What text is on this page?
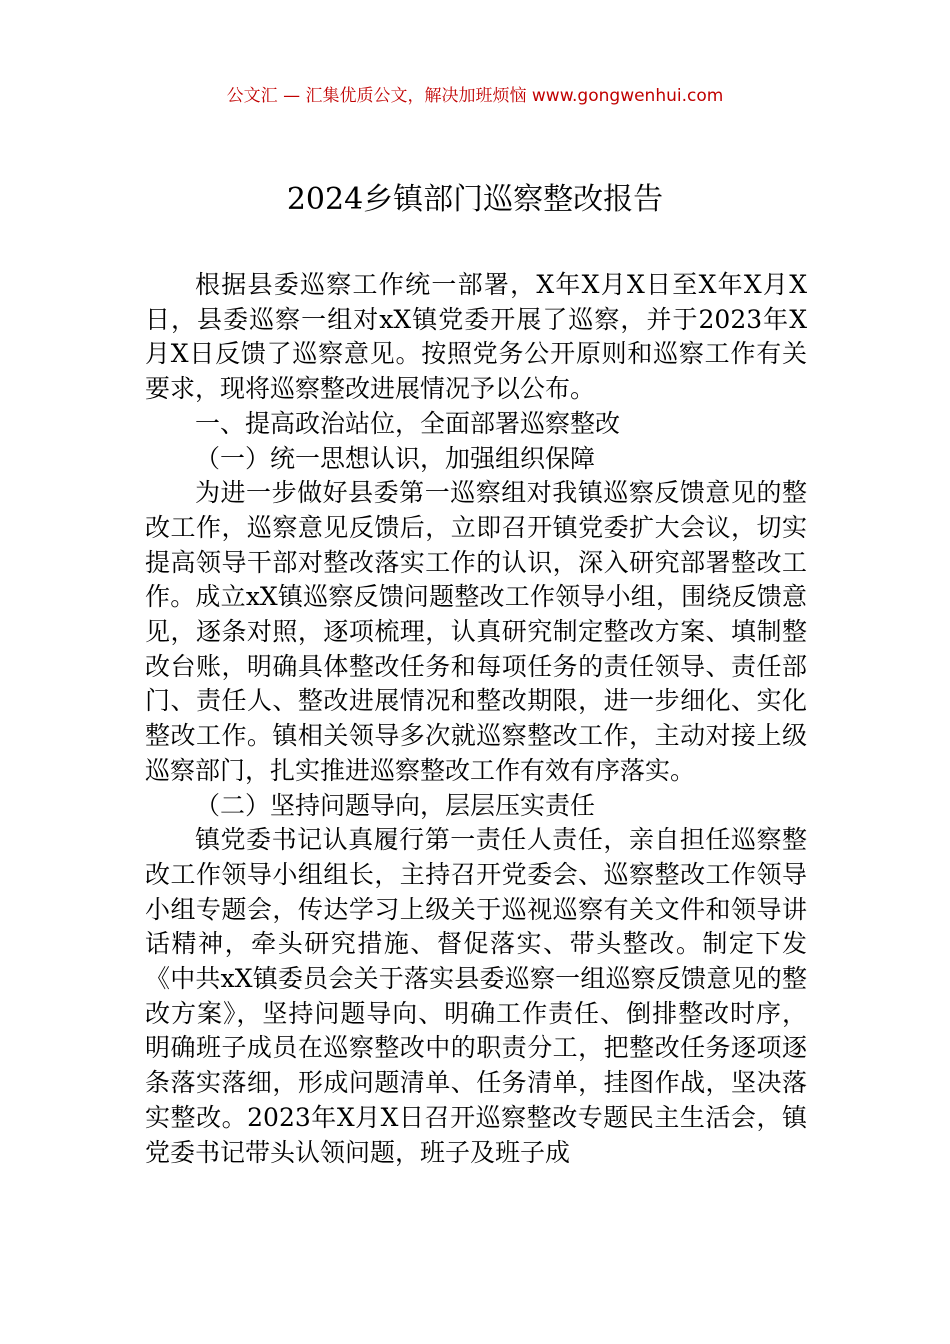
公文汇 — 汇集优质公文，解决加班烦恼 www.gongwenhui.com
2024乡镇部门巡察整改报告

根据县委巡察工作统一部署，X年X月X日至X年X月X日，县委巡察一组对xX镇党委开展了巡察，并于2023年X月X日反馈了巡察意见。按照党务公开原则和巡察工作有关要求，现将巡察整改进展情况予以公布。

一、提高政治站位，全面部署巡察整改

（一）统一思想认识，加强组织保障

为进一步做好县委第一巡察组对我镇巡察反馈意见的整改工作，巡察意见反馈后，立即召开镇党委扩大会议，切实提高领导干部对整改落实工作的认识，深入研究部署整改工作。成立xX镇巡察反馈问题整改工作领导小组，围绕反馈意见，逐条对照，逐项梳理，认真研究制定整改方案、填制整改台账，明确具体整改任务和每项任务的责任领导、责任部门、责任人、整改进展情况和整改期限，进一步细化、实化整改工作。镇相关领导多次就巡察整改工作，主动对接上级巡察部门，扎实推进巡察整改工作有效有序落实。

（二）坚持问题导向，层层压实责任

镇党委书记认真履行第一责任人责任，亲自担任巡察整改工作领导小组组长，主持召开党委会、巡察整改工作领导小组专题会，传达学习上级关于巡视巡察有关文件和领导讲话精神，牵头研究措施、督促落实、带头整改。制定下发《中共xX镇委员会关于落实县委巡察一组巡察反馈意见的整改方案》，坚持问题导向、明确工作责任、倒排整改时序，明确班子成员在巡察整改中的职责分工，把整改任务逐项逐条落实落细，形成问题清单、任务清单，挂图作战，坚决落实整改。2023年X月X日召开巡察整改专题民主生活会，镇党委书记带头认领问题，班子及班子成
